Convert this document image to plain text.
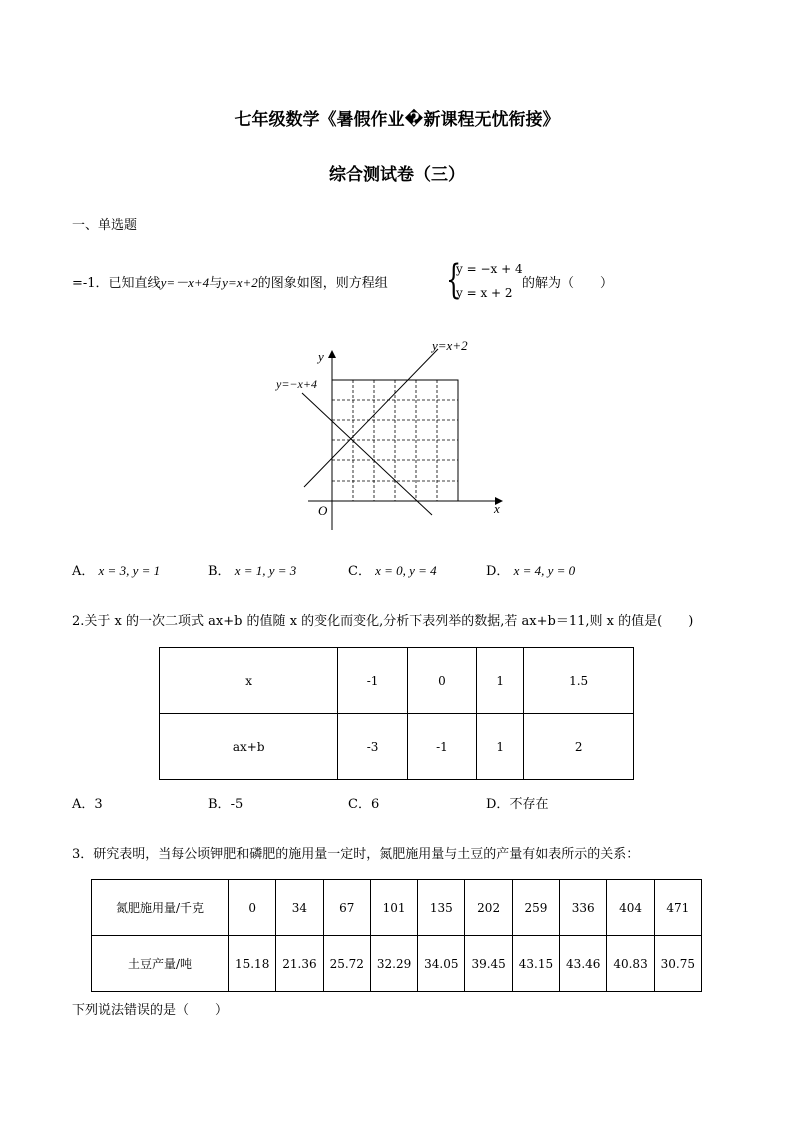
七年级数学《暑假作业�新课程无忧衔接》
综合测试卷（三）
一、单选题
=-1．已知直线y=－x+4与y=x+2的图象如图，则方程组 {
y = −x + 4
y = x + 2
的解为（　　）
y=x+2
y=−x+4
y
x
O
A． x = 3, y = 1	B． x = 1, y = 3	C． x = 0, y = 4	D． x = 4, y = 0
2.关于 x 的一次二项式 ax+b 的值随 x 的变化而变化,分析下表列举的数据,若 ax+b＝11,则 x 的值是(　　)
x	-1	0	1	1.5
ax+b	-3	-1	1	2
A．3	B．-5	C．6	D．不存在
3．研究表明，当每公顷钾肥和磷肥的施用量一定时，氮肥施用量与土豆的产量有如表所示的关系：
氮肥施用量/千克	0	34	67	101	135	202	259	336	404	471
土豆产量/吨	15.18	21.36	25.72	32.29	34.05	39.45	43.15	43.46	40.83	30.75
下列说法错误的是（　　）
